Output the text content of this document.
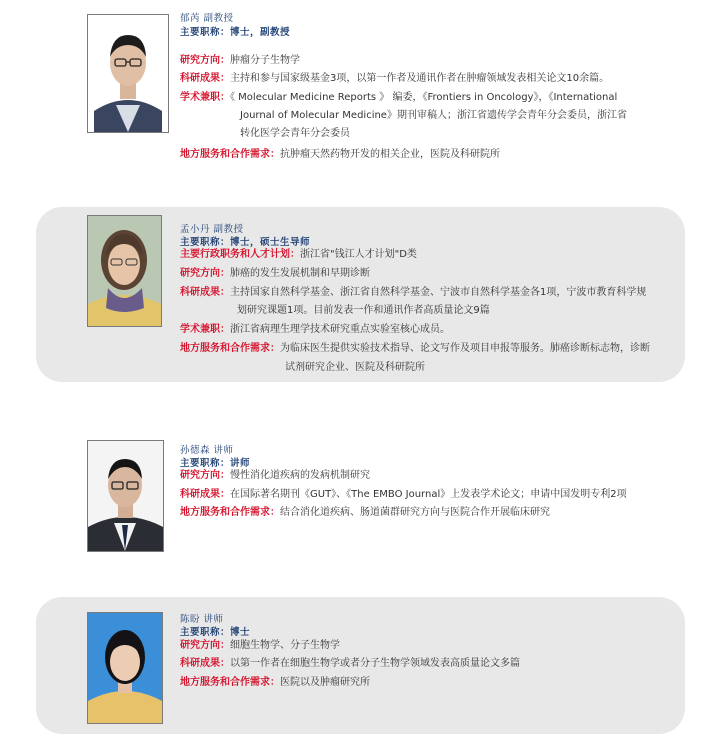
郁芮 副教授
主要职称：博士，副教授
研究方向：肿瘤分子生物学
科研成果：主持和参与国家级基金3项，以第一作者及通讯作者在肿瘤领域发表相关论文10余篇。
学术兼职：《 Molecular Medicine Reports 》 编委，《Frontiers in Oncology》，《International
Journal of Molecular Medicine》期刊审稿人；浙江省遗传学会青年分会委员，浙江省
转化医学会青年分会委员
地方服务和合作需求：抗肿瘤天然药物开发的相关企业，医院及科研院所
孟小丹 副教授
主要职称：博士，硕士生导师
主要行政职务和人才计划：浙江省"钱江人才计划"D类
研究方向：肺癌的发生发展机制和早期诊断
科研成果：主持国家自然科学基金、浙江省自然科学基金、宁波市自然科学基金各1项，宁波市教育科学规
划研究课题1项。目前发表一作和通讯作者高质量论文9篇
学术兼职：浙江省病理生理学技术研究重点实验室核心成员。
地方服务和合作需求：为临床医生提供实验技术指导、论文写作及项目申报等服务。肺癌诊断标志物，诊断
试剂研究企业、医院及科研院所
孙德森 讲师
主要职称：讲师
研究方向：慢性消化道疾病的发病机制研究
科研成果：在国际著名期刊《GUT》、《The EMBO Journal》上发表学术论文；申请中国发明专利2项
地方服务和合作需求：结合消化道疾病、肠道菌群研究方向与医院合作开展临床研究
陈盼 讲师
主要职称：博士
研究方向：细胞生物学、分子生物学
科研成果：以第一作者在细胞生物学或者分子生物学领域发表高质量论文多篇
地方服务和合作需求：医院以及肿瘤研究所
